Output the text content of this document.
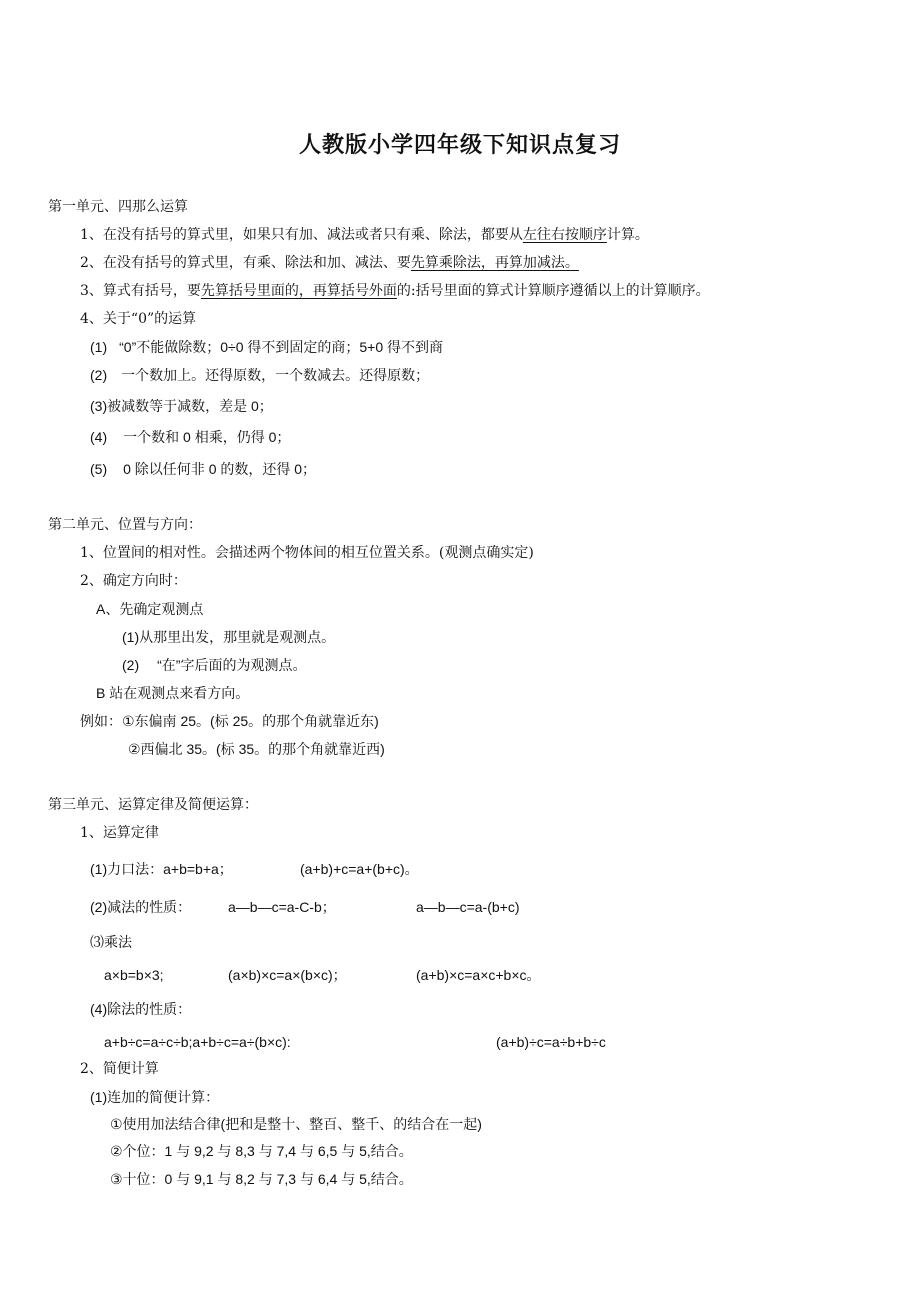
人教版小学四年级下知识点复习
第一单元、四那么运算
1、在没有括号的算式里，如果只有加、减法或者只有乘、除法，都要从左往右按顺序计算。
2、在没有括号的算式里，有乘、除法和加、减法、要先算乘除法，再算加减法。
3、算式有括号，要先算括号里面的，再算括号外面的:括号里面的算式计算顺序遵循以上的计算顺序。
4、关于“0”的运算
(1) “0”不能做除数；0÷0 得不到固定的商；5+0 得不到商
(2) 一个数加上。还得原数，一个数减去。还得原数；
(3)被减数等于减数，差是 0；
(4) 一个数和 0 相乘，仍得 0；
(5) 0 除以任何非 0 的数，还得 0；
第二单元、位置与方向：
1、位置间的相对性。会描述两个物体间的相互位置关系。(观测点确实定)
2、确定方向时：
A、先确定观测点
(1)从那里出发，那里就是观测点。
(2) “在”字后面的为观测点。
B 站在观测点来看方向。
例如：①东偏南 25。(标 25。的那个角就靠近东)
②西偏北 35。(标 35。的那个角就靠近西)
第三单元、运算定律及简便运算：
1、运算定律
(1)力口法：a+b=b+a；	(a+b)+c=a+(b+c)。
(2)减法的性质：	a—b—c=a-C-b；	a—b—c=a-(b+c)
⑶乘法
a×b=b×3;	(a×b)×c=a×(b×c)；	(a+b)×c=a×c+b×c。
(4)除法的性质：
a+b÷c=a÷c÷b;a+b÷c=a÷(b×c):	(a+b)÷c=a÷b+b÷c
2、简便计算
(1)连加的简便计算：
①使用加法结合律(把和是整十、整百、整千、的结合在一起)
②个位：1 与 9,2 与 8,3 与 7,4 与 6,5 与 5,结合。
③十位：0 与 9,1 与 8,2 与 7,3 与 6,4 与 5,结合。
